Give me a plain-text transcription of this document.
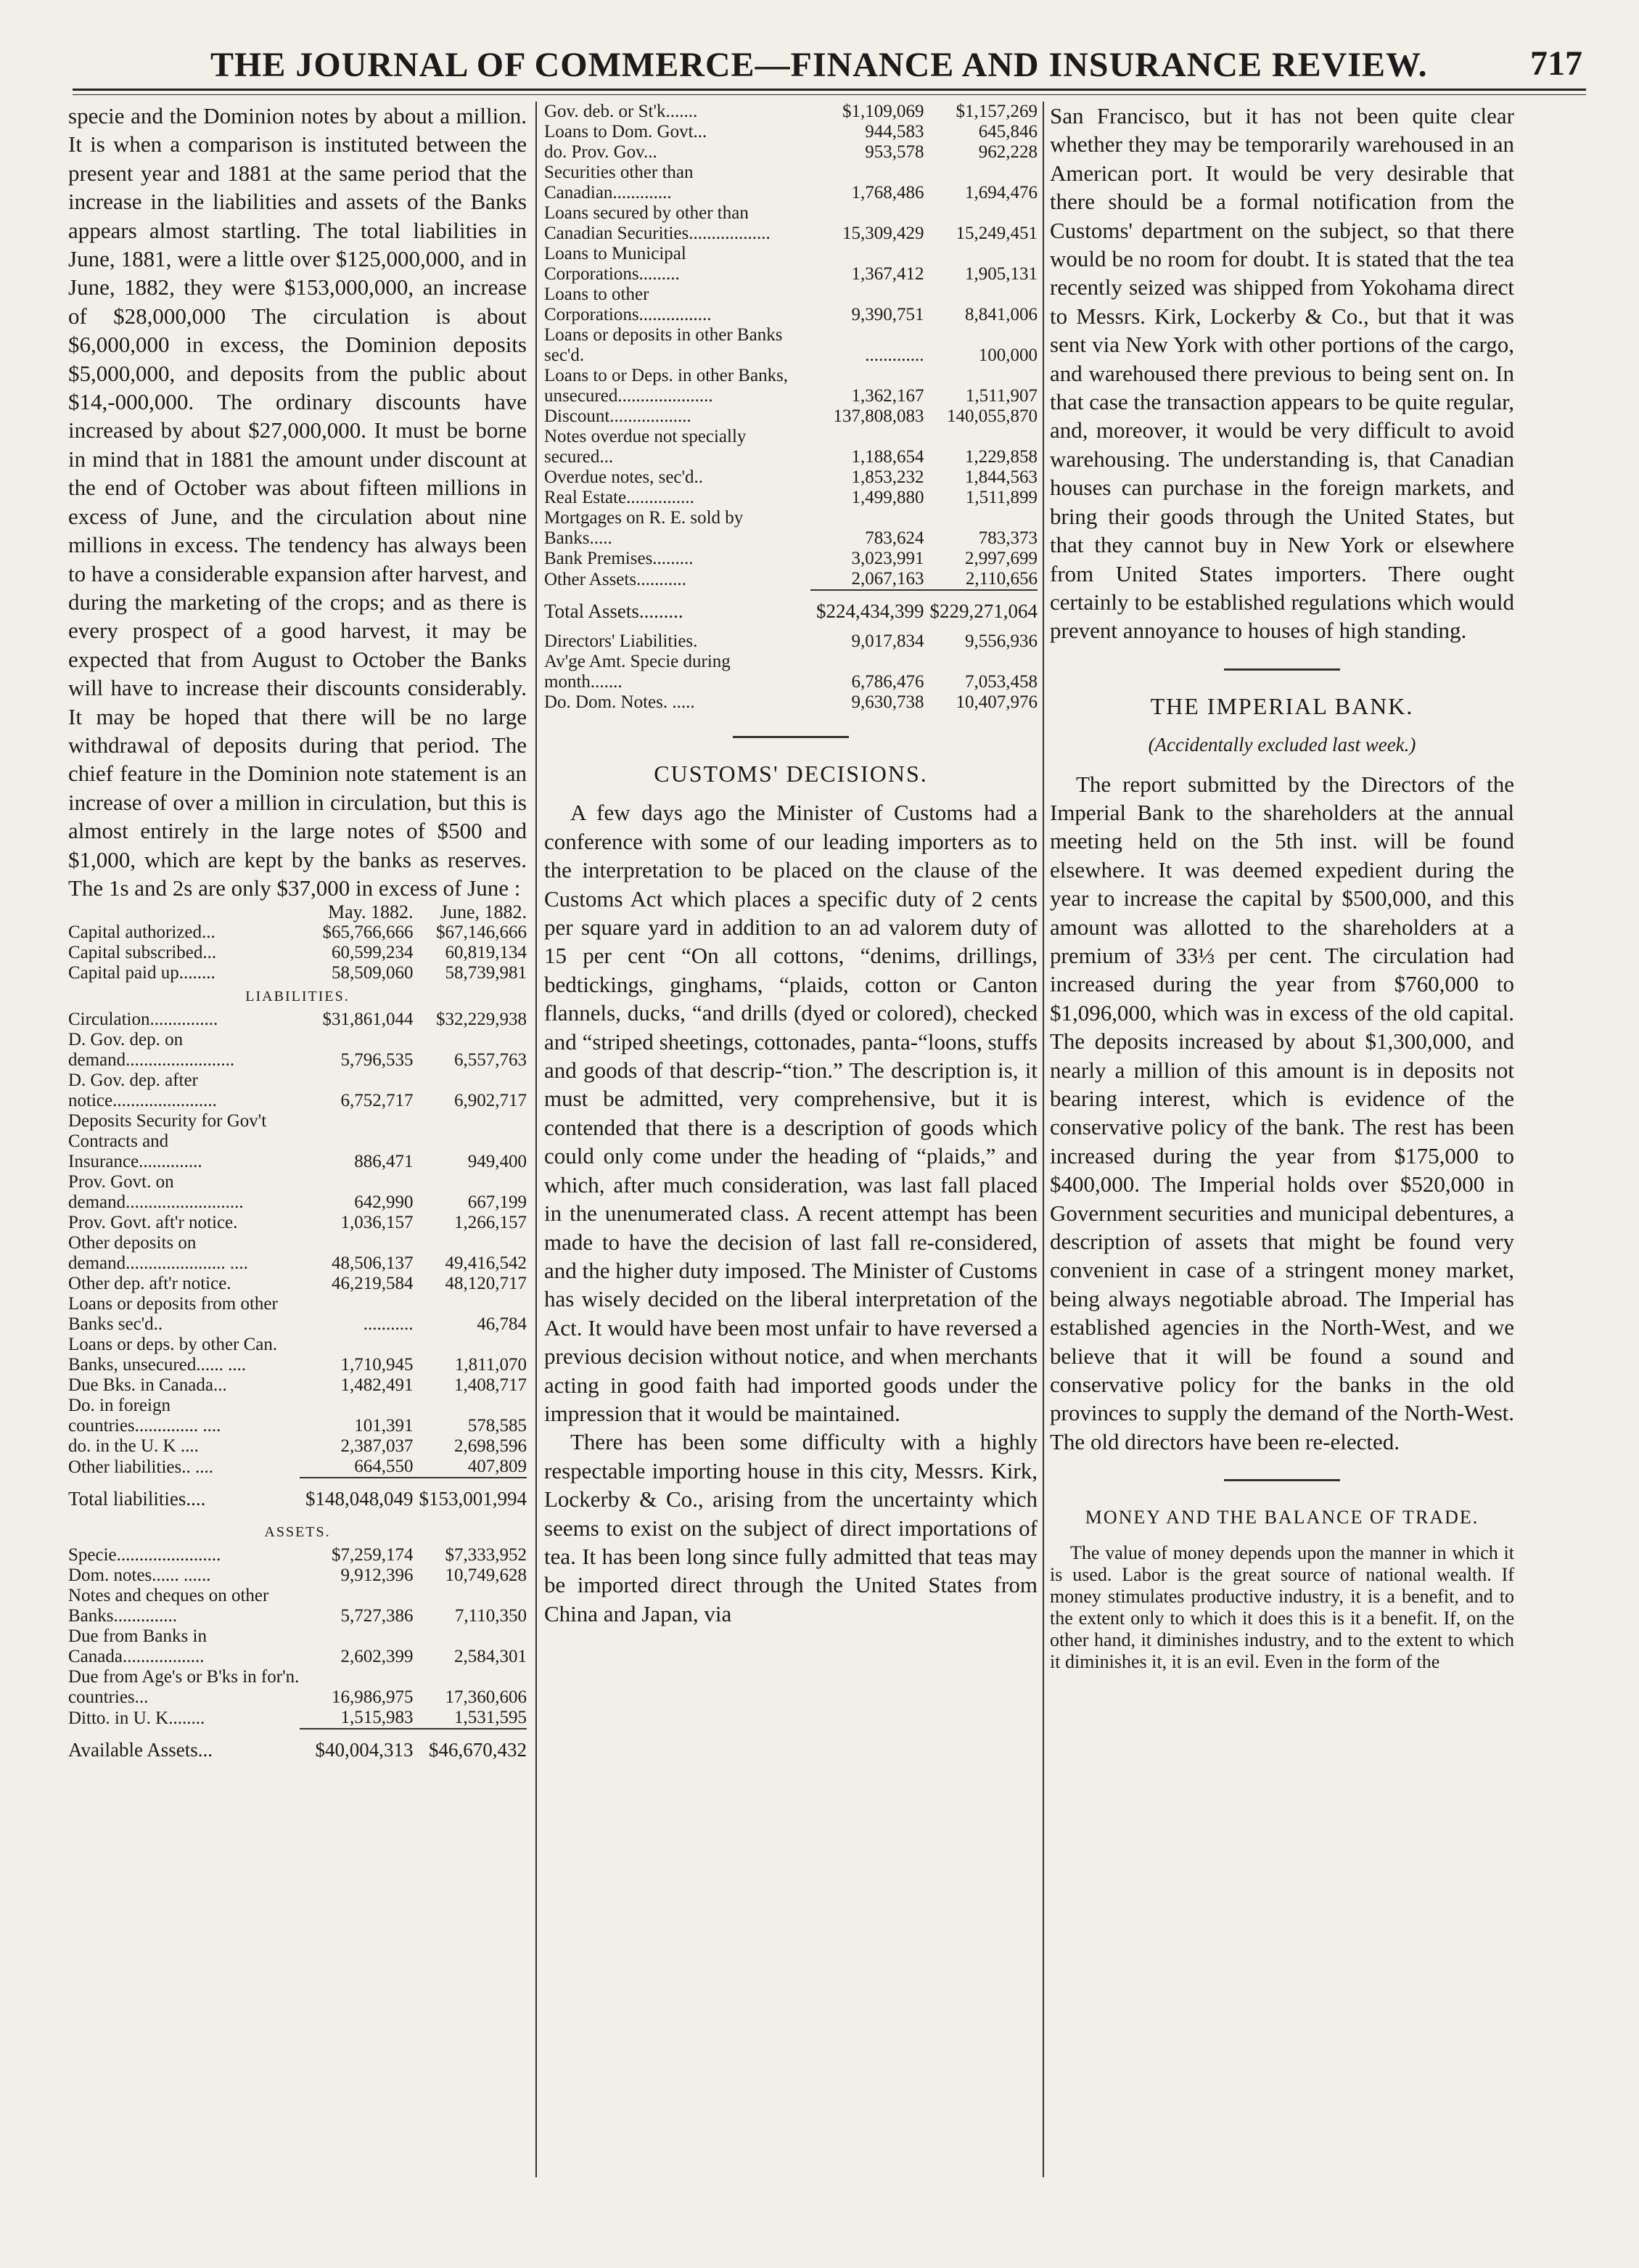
THE JOURNAL OF COMMERCE—FINANCE AND INSURANCE REVIEW.	717

specie and the Dominion notes by about a million. It is when a comparison is instituted between the present year and 1881 at the same period that the increase in the liabilities and assets of the Banks appears almost startling. The total liabilities in June, 1881, were a little over $125,000,000, and in June, 1882, they were $153,000,000, an increase of $28,000,000 The circulation is about $6,000,000 in excess, the Dominion deposits $5,000,000, and deposits from the public about $14,-000,000. The ordinary discounts have increased by about $27,000,000. It must be borne in mind that in 1881 the amount under discount at the end of October was about fifteen millions in excess of June, and the circulation about nine millions in excess. The tendency has always been to have a considerable expansion after harvest, and during the marketing of the crops; and as there is every prospect of a good harvest, it may be expected that from August to October the Banks will have to increase their discounts considerably. It may be hoped that there will be no large withdrawal of deposits during that period. The chief feature in the Dominion note statement is an increase of over a million in circulation, but this is almost entirely in the large notes of $500 and $1,000, which are kept by the banks as reserves. The 1s and 2s are only $37,000 in excess of June :

	May. 1882.	June, 1882.
Capital authorized...	$65,766,666	$67,146,666
Capital subscribed...	60,599,234	60,819,134
Capital paid up........	58,509,060	58,739,981
LIABILITIES.		
Circulation...............	$31,861,044	$32,229,938
D. Gov. dep. on demand........................	5,796,535	6,557,763
D. Gov. dep. after notice.......................	6,752,717	6,902,717
Deposits Security for Gov't Contracts and Insurance..............	886,471	949,400
Prov. Govt. on demand..........................	642,990	667,199
Prov. Govt. aft'r notice.	1,036,157	1,266,157
Other deposits on demand...................... ....	48,506,137	49,416,542
Other dep. aft'r notice.	46,219,584	48,120,717
Loans or deposits from other Banks sec'd..	...........	46,784
Loans or deps. by other Can. Banks, unsecured...... ....	1,710,945	1,811,070
Due Bks. in Canada...	1,482,491	1,408,717
Do. in foreign countries.............. ....	101,391	578,585
do. in the U. K ....	2,387,037	2,698,596
Other liabilities.. ....	664,550	407,809
Total liabilities....	$148,048,049	$153,001,994
ASSETS.		
Specie.......................	$7,259,174	$7,333,952
Dom. notes...... ......	9,912,396	10,749,628
Notes and cheques on other Banks..............	5,727,386	7,110,350
Due from Banks in Canada..................	2,602,399	2,584,301
Due from Age's or B'ks in for'n. countries...	16,986,975	17,360,606
Ditto. in U. K........	1,515,983	1,531,595
Available Assets...	$40,004,313	$46,670,432
Gov. deb. or St'k.......	$1,109,069	$1,157,269
Loans to Dom. Govt...	944,583	645,846
do. Prov. Gov...	953,578	962,228
Securities other than Canadian.............	1,768,486	1,694,476
Loans secured by other than Canadian Securities..................	15,309,429	15,249,451
Loans to Municipal Corporations.........	1,367,412	1,905,131
Loans to other Corporations................	9,390,751	8,841,006
Loans or deposits in other Banks sec'd.	.............	100,000
Loans to or Deps. in other Banks, unsecured.....................	1,362,167	1,511,907
Discount..................	137,808,083	140,055,870
Notes overdue not specially secured...	1,188,654	1,229,858
Overdue notes, sec'd..	1,853,232	1,844,563
Real Estate...............	1,499,880	1,511,899
Mortgages on R. E. sold by Banks.....	783,624	783,373
Bank Premises.........	3,023,991	2,997,699
Other Assets...........	2,067,163	2,110,656
Total Assets.........	$224,434,399	$229,271,064
Directors' Liabilities.	9,017,834	9,556,936
Av'ge Amt. Specie during month.......	6,786,476	7,053,458
Do. Dom. Notes. .....	9,630,738	10,407,976
CUSTOMS' DECISIONS.

A few days ago the Minister of Customs had a conference with some of our leading importers as to the interpretation to be placed on the clause of the Customs Act which places a specific duty of 2 cents per square yard in addition to an ad valorem duty of 15 per cent “On all cottons, “denims, drillings, bedtickings, ginghams, “plaids, cotton or Canton flannels, ducks, “and drills (dyed or colored), checked and “striped sheetings, cottonades, panta-“loons, stuffs and goods of that descrip-“tion.” The description is, it must be admitted, very comprehensive, but it is contended that there is a description of goods which could only come under the heading of “plaids,” and which, after much consideration, was last fall placed in the unenumerated class. A recent attempt has been made to have the decision of last fall re-considered, and the higher duty imposed. The Minister of Customs has wisely decided on the liberal interpretation of the Act. It would have been most unfair to have reversed a previous decision without notice, and when merchants acting in good faith had imported goods under the impression that it would be maintained.

There has been some difficulty with a highly respectable importing house in this city, Messrs. Kirk, Lockerby & Co., arising from the uncertainty which seems to exist on the subject of direct importations of tea. It has been long since fully admitted that teas may be imported direct through the United States from China and Japan, via

San Francisco, but it has not been quite clear whether they may be temporarily warehoused in an American port. It would be very desirable that there should be a formal notification from the Customs' department on the subject, so that there would be no room for doubt. It is stated that the tea recently seized was shipped from Yokohama direct to Messrs. Kirk, Lockerby & Co., but that it was sent via New York with other portions of the cargo, and warehoused there previous to being sent on. In that case the transaction appears to be quite regular, and, moreover, it would be very difficult to avoid warehousing. The understanding is, that Canadian houses can purchase in the foreign markets, and bring their goods through the United States, but that they cannot buy in New York or elsewhere from United States importers. There ought certainly to be established regulations which would prevent annoyance to houses of high standing.

THE IMPERIAL BANK.
(Accidentally excluded last week.)

The report submitted by the Directors of the Imperial Bank to the shareholders at the annual meeting held on the 5th inst. will be found elsewhere. It was deemed expedient during the year to increase the capital by $500,000, and this amount was allotted to the shareholders at a premium of 33⅓ per cent. The circulation had increased during the year from $760,000 to $1,096,000, which was in excess of the old capital. The deposits increased by about $1,300,000, and nearly a million of this amount is in deposits not bearing interest, which is evidence of the conservative policy of the bank. The rest has been increased during the year from $175,000 to $400,000. The Imperial holds over $520,000 in Government securities and municipal debentures, a description of assets that might be found very convenient in case of a stringent money market, being always negotiable abroad. The Imperial has established agencies in the North-West, and we believe that it will be found a sound and conservative policy for the banks in the old provinces to supply the demand of the North-West. The old directors have been re-elected.

MONEY AND THE BALANCE OF TRADE.

The value of money depends upon the manner in which it is used. Labor is the great source of national wealth. If money stimulates productive industry, it is a benefit, and to the extent only to which it does this is it a benefit. If, on the other hand, it diminishes industry, and to the extent to which it diminishes it, it is an evil. Even in the form of the
